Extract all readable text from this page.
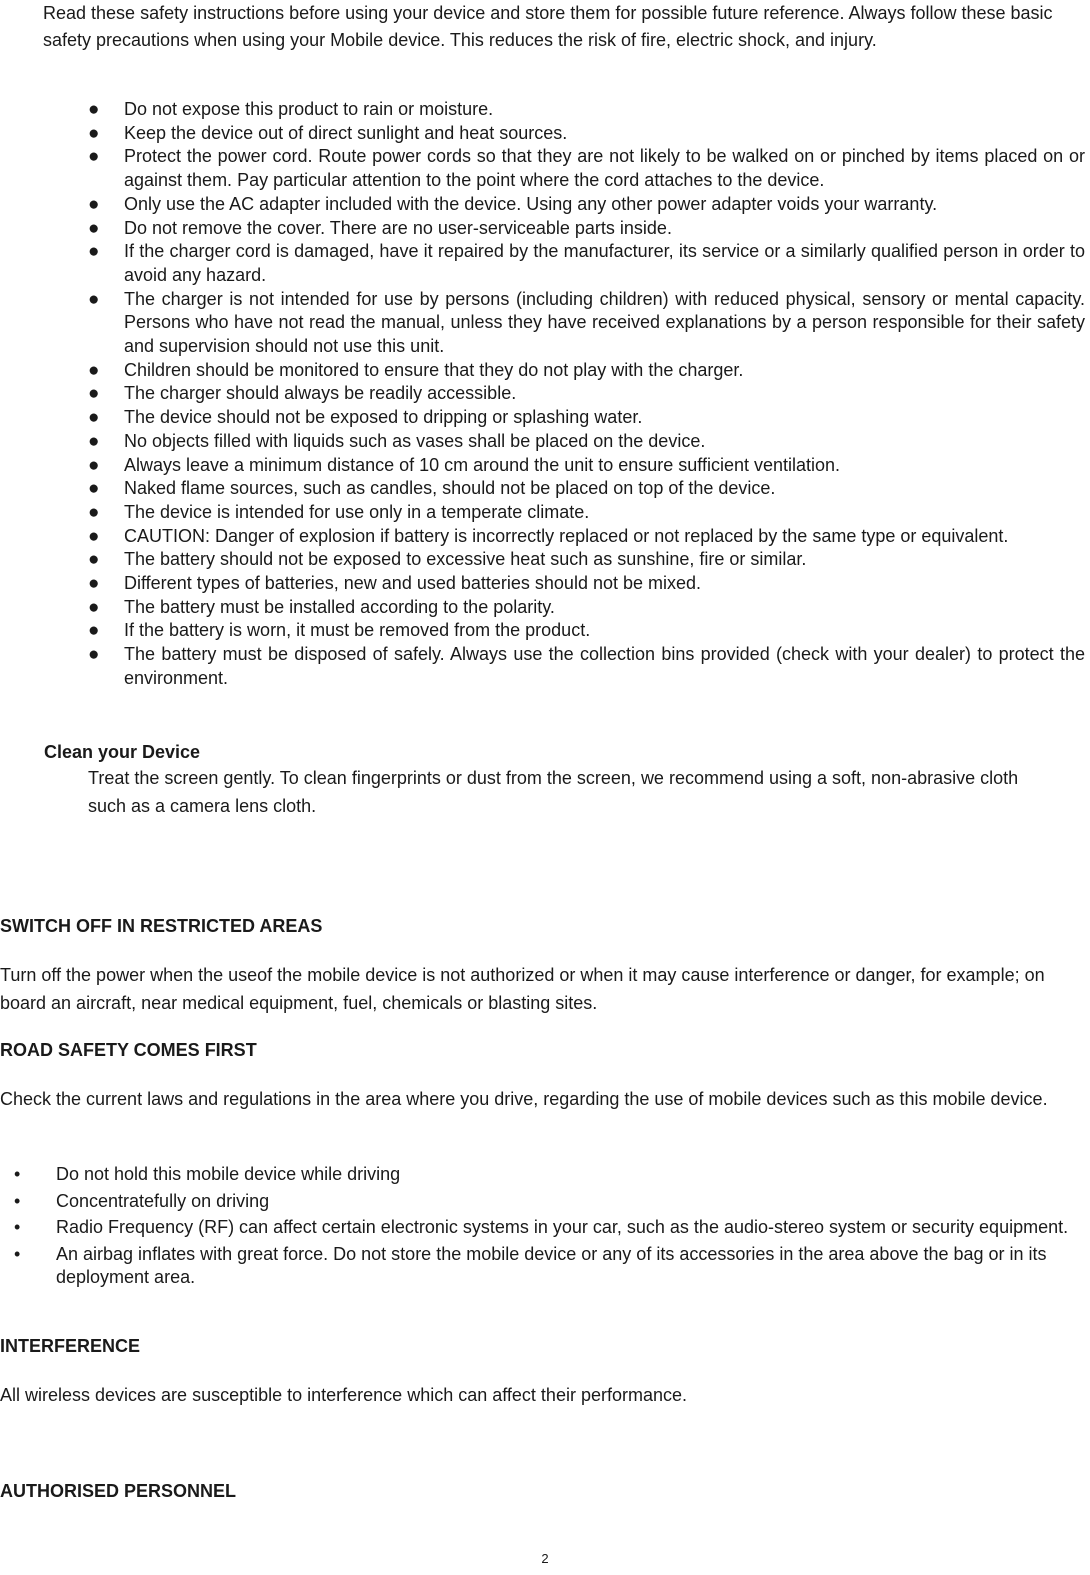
Read these safety instructions before using your device and store them for possible future reference. Always follow these basic safety precautions when using your Mobile device. This reduces the risk of fire, electric shock, and injury.
● Do not expose this product to rain or moisture.
● Keep the device out of direct sunlight and heat sources.
● Protect the power cord. Route power cords so that they are not likely to be walked on or pinched by items placed on or against them. Pay particular attention to the point where the cord attaches to the device.
● Only use the AC adapter included with the device. Using any other power adapter voids your warranty.
● Do not remove the cover. There are no user-serviceable parts inside.
● If the charger cord is damaged, have it repaired by the manufacturer, its service or a similarly qualified person in order to avoid any hazard.
● The charger is not intended for use by persons (including children) with reduced physical, sensory or mental capacity. Persons who have not read the manual, unless they have received explanations by a person responsible for their safety and supervision should not use this unit.
● Children should be monitored to ensure that they do not play with the charger.
● The charger should always be readily accessible.
● The device should not be exposed to dripping or splashing water.
● No objects filled with liquids such as vases shall be placed on the device.
● Always leave a minimum distance of 10 cm around the unit to ensure sufficient ventilation.
● Naked flame sources, such as candles, should not be placed on top of the device.
● The device is intended for use only in a temperate climate.
● CAUTION: Danger of explosion if battery is incorrectly replaced or not replaced by the same type or equivalent.
● The battery should not be exposed to excessive heat such as sunshine, fire or similar.
● Different types of batteries, new and used batteries should not be mixed.
● The battery must be installed according to the polarity.
● If the battery is worn, it must be removed from the product.
● The battery must be disposed of safely. Always use the collection bins provided (check with your dealer) to protect the environment.
Clean your Device
Treat the screen gently. To clean fingerprints or dust from the screen, we recommend using a soft, non-abrasive cloth such as a camera lens cloth.
SWITCH OFF IN RESTRICTED AREAS
Turn off the power when the useof the mobile device is not authorized or when it may cause interference or danger, for example; on board an aircraft, near medical equipment, fuel, chemicals or blasting sites.
ROAD SAFETY COMES FIRST
Check the current laws and regulations in the area where you drive, regarding the use of mobile devices such as this mobile device.
• Do not hold this mobile device while driving
• Concentratefully on driving
• Radio Frequency (RF) can affect certain electronic systems in your car, such as the audio-stereo system or security equipment.
• An airbag inflates with great force. Do not store the mobile device or any of its accessories in the area above the bag or in its deployment area.
INTERFERENCE
All wireless devices are susceptible to interference which can affect their performance.
AUTHORISED PERSONNEL
2
